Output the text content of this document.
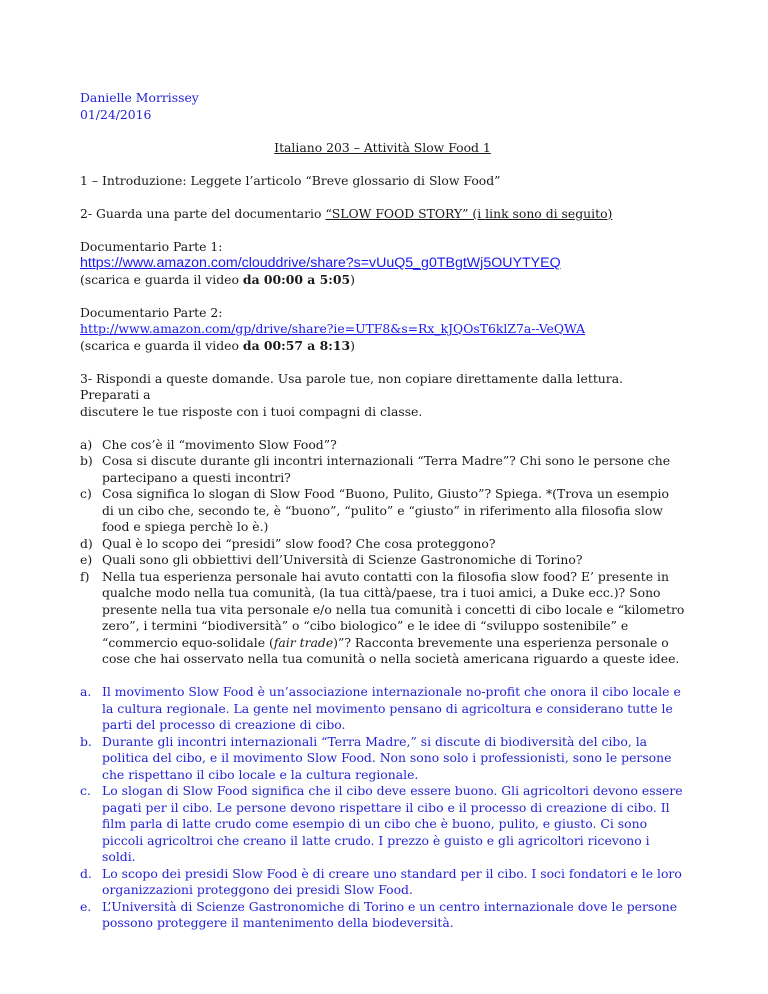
Danielle Morrissey
01/24/2016
Italiano 203 – Attività Slow Food 1
1 – Introduzione: Leggete l’articolo “Breve glossario di Slow Food”
2- Guarda una parte del documentario “SLOW FOOD STORY” (i link sono di seguito)
Documentario Parte 1:
https://www.amazon.com/clouddrive/share?s=vUuQ5_g0TBgtWj5OUYTYEQ
(scarica e guarda il video da 00:00 a 5:05)
Documentario Parte 2:
http://www.amazon.com/gp/drive/share?ie=UTF8&s=Rx_kJQOsT6klZ7a--VeQWA
(scarica e guarda il video da 00:57 a 8:13)
3- Rispondi a queste domande. Usa parole tue, non copiare direttamente dalla lettura. Preparati a
discutere le tue risposte con i tuoi compagni di classe.
a) Che cos’è il “movimento Slow Food”?
b) Cosa si discute durante gli incontri internazionali “Terra Madre”? Chi sono le persone che
partecipano a questi incontri?
c) Cosa significa lo slogan di Slow Food “Buono, Pulito, Giusto”? Spiega. *(Trova un esempio
di un cibo che, secondo te, è “buono”, “pulito” e “giusto” in riferimento alla filosofia slow
food e spiega perchè lo è.)
d) Qual è lo scopo dei “presidi” slow food? Che cosa proteggono?
e) Quali sono gli obbiettivi dell’Università di Scienze Gastronomiche di Torino?
f) Nella tua esperienza personale hai avuto contatti con la filosofia slow food? E’ presente in
qualche modo nella tua comunità, (la tua città/paese, tra i tuoi amici, a Duke ecc.)? Sono
presente nella tua vita personale e/o nella tua comunità i concetti di cibo locale e “kilometro
zero”, i termini “biodiversità” o “cibo biologico” e le idee di “sviluppo sostenibile” e
“commercio equo-solidale (fair trade)”? Racconta brevemente una esperienza personale o
cose che hai osservato nella tua comunità o nella società americana riguardo a queste idee.
a. Il movimento Slow Food è un’associazione internazionale no-profit che onora il cibo locale e
la cultura regionale. La gente nel movimento pensano di agricoltura e considerano tutte le
parti del processo di creazione di cibo.
b. Durante gli incontri internazionali “Terra Madre,” si discute di biodiversità del cibo, la
politica del cibo, e il movimento Slow Food. Non sono solo i professionisti, sono le persone
che rispettano il cibo locale e la cultura regionale.
c. Lo slogan di Slow Food significa che il cibo deve essere buono. Gli agricoltori devono essere
pagati per il cibo. Le persone devono rispettare il cibo e il processo di creazione di cibo. Il
film parla di latte crudo come esempio di un cibo che è buono, pulito, e giusto. Ci sono
piccoli agricoltroi che creano il latte crudo. I prezzo è guisto e gli agricoltori ricevono i soldi.
d. Lo scopo dei presidi Slow Food è di creare uno standard per il cibo. I soci fondatori e le loro
organizzazioni proteggono dei presidi Slow Food.
e. L’Università di Scienze Gastronomiche di Torino e un centro internazionale dove le persone
possono proteggere il mantenimento della biodeversità.
